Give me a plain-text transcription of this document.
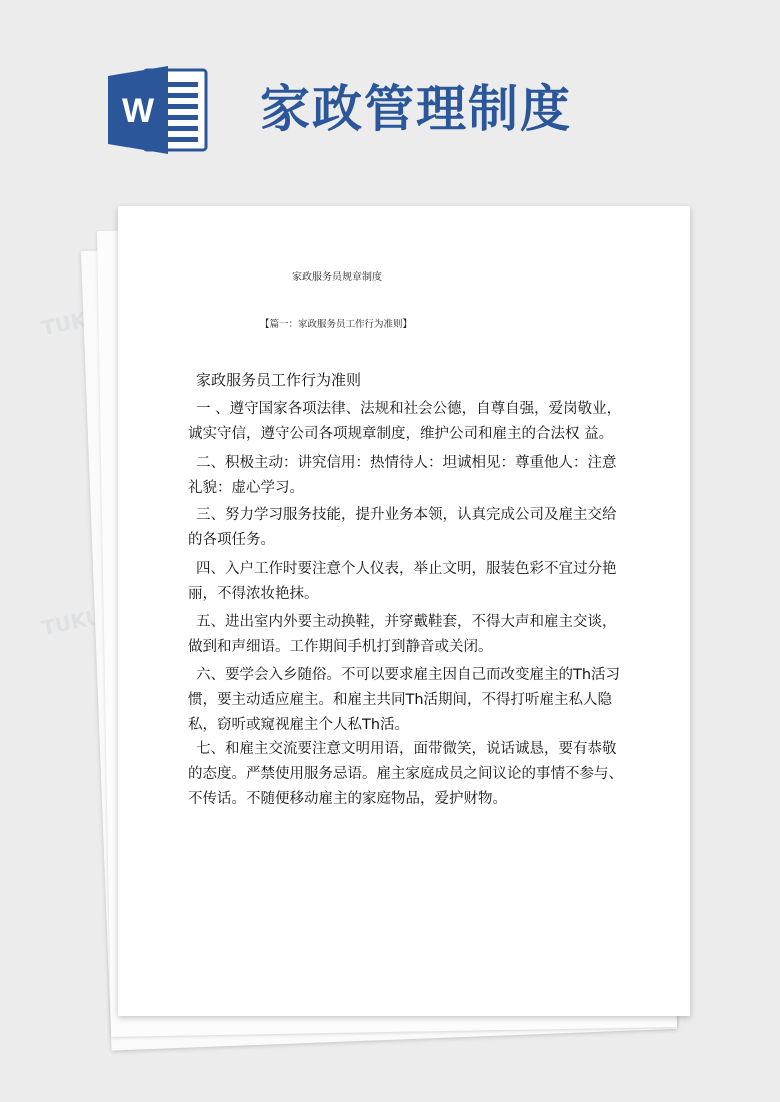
W 家政管理制度
家政服务员规章制度
【篇一：家政服务员工作行为准则】
家政服务员工作行为准则

一 、遵守国家各项法律、法规和社会公德，自尊自强，爱岗敬业，诚实守信，遵守公司各项规章制度，维护公司和雇主的合法权 益。

二、积极主动：讲究信用：热情待人：坦诚相见：尊重他人：注意礼貌：虚心学习。

三、努力学习服务技能，提升业务本领，认真完成公司及雇主交给的各项任务。

四、入户工作时要注意个人仪表，举止文明，服装色彩不宜过分艳丽，不得浓妆艳抹。

五、进出室内外要主动换鞋，并穿戴鞋套，不得大声和雇主交谈，做到和声细语。工作期间手机打到静音或关闭。

六、要学会入乡随俗。不可以要求雇主因自己而改变雇主的Th活习惯，要主动适应雇主。和雇主共同Th活期间，不得打听雇主私人隐私，窃听或窥视雇主个人私Th活。

七、和雇主交流要注意文明用语，面带微笑，说话诚恳，要有恭敬的态度。严禁使用服务忌语。雇主家庭成员之间议论的事情不参与、不传话。不随便移动雇主的家庭物品，爱护财物。
